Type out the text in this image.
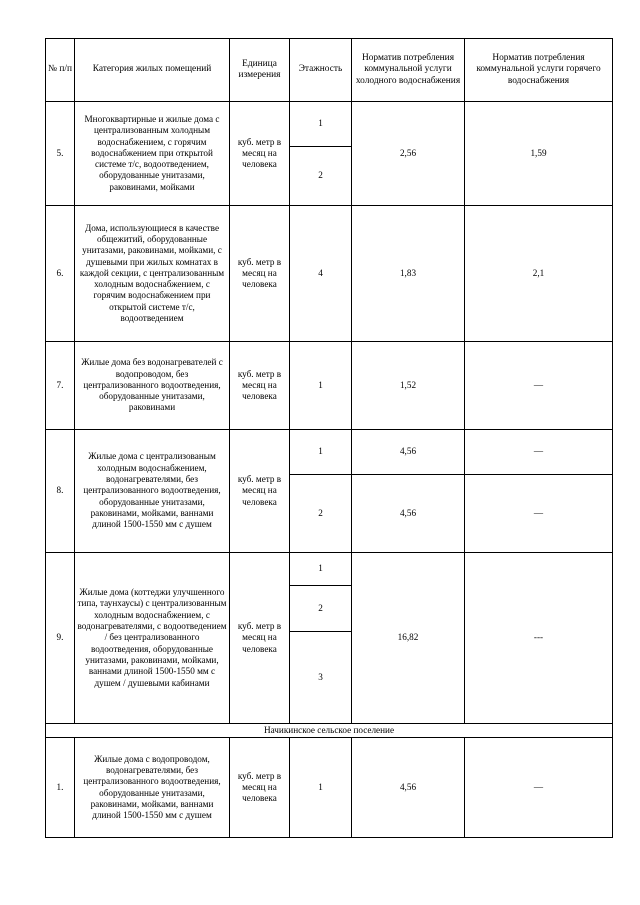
№ п/п	Категория жилых помещений	Единица измерения	Этажность	Норматив потребления коммунальной услуги холодного водоснабжения	Нормaтив потребления коммунальной услуги горячего водоснабжения
5.	Многоквартирные и жилые дома с централизованным холодным водоснабжением, с горячим водоснабжением при открытой системе т/с, водоотведением, оборудованные унитазами, раковинами, мойками	куб. метр в месяц на человека	1	2,56	1,59
			2		
6.	Дома, использующиеся в качестве общежитий, оборудованные унитазами, раковинами, мойками, с душевыми при жилых комнатах в каждой секции, с централизованным холодным водоснабжением, с горячим водоснабжением при открытой системе т/с, водоотведением	куб. метр в месяц на человека	4	1,83	2,1
7.	Жилые дома без водонагревателей с водопроводом, без централизованного водоотведения, оборудованные унитазами, раковинами	куб. метр в месяц на человека	1	1,52	—
8.	Жилые дома с централизованым холодным водоснабжением, водонагревателями, без централизованного водоотведения, оборудованные унитазами, раковинами, мойками, ваннами длиной 1500-1550 мм с душем	куб. метр в месяц на человека	1	4,56	—
			2	4,56	—
9.	Жилые дома (коттеджи улучшенного типа, таунхаусы) с централизованным холодным водоснабжением, с водонагревателями, с водоотведением / без централизованного водоотведения, оборудованные унитазами, раковинами, мойками, ваннами длиной 1500-1550 мм с душем / душевыми кабинами	куб. метр в месяц на человека	1	16,82	---
			2		
			3		
Начикинское сельское поселение					
1.	Жилые дома с водопроводом, водонагревателями, без централизованного водоотведения, оборудованные унитазами, раковинами, мойками, ваннами длиной 1500-1550 мм с душем	куб. метр в месяц на человека	1	4,56	—
